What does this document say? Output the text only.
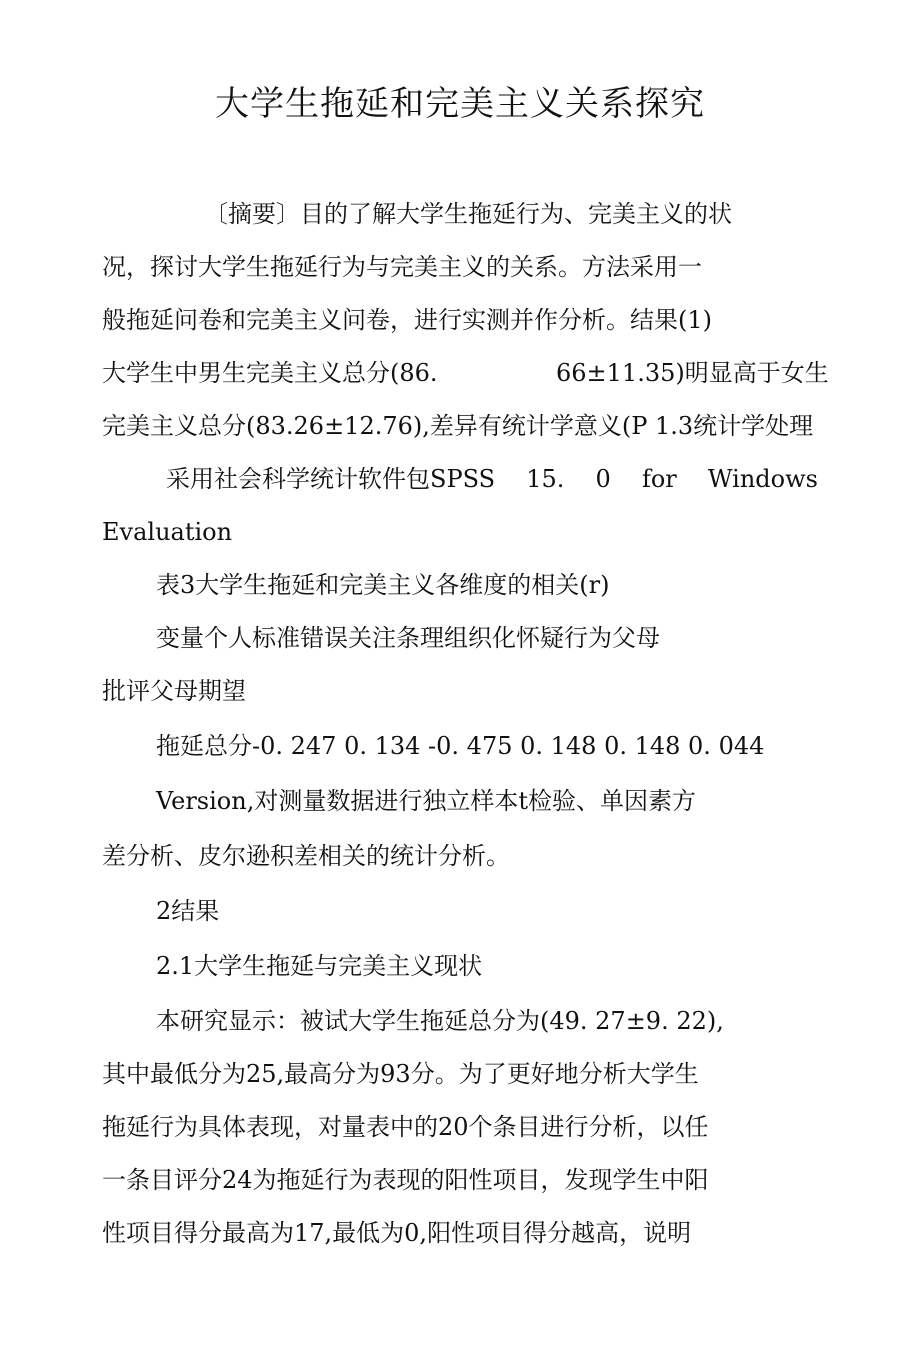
大学生拖延和完美主义关系探究
〔摘要〕目的了解大学生拖延行为、完美主义的状
况，探讨大学生拖延行为与完美主义的关系。方法采用一
般拖延问卷和完美主义问卷，进行实测并作分析。结果(1)
大学生中男生完美主义总分(86.	66±11.35)明显高于女生
完美主义总分(83.26±12.76),差异有统计学意义(P 1.3统计学处理
采用社会科学统计软件包SPSS 15. 0 for Windows
Evaluation
表3大学生拖延和完美主义各维度的相关(r)
变量个人标准错误关注条理组织化怀疑行为父母
批评父母期望
拖延总分-0. 247 0. 134 -0. 475 0. 148 0. 148 0. 044
Version,对测量数据进行独立样本t检验、单因素方
差分析、皮尔逊积差相关的统计分析。
2结果
2.1大学生拖延与完美主义现状
本研究显示：被试大学生拖延总分为(49. 27±9. 22),
其中最低分为25,最高分为93分。为了更好地分析大学生
拖延行为具体表现，对量表中的20个条目进行分析，以任
一条目评分24为拖延行为表现的阳性项目，发现学生中阳
性项目得分最高为17,最低为0,阳性项目得分越高，说明
